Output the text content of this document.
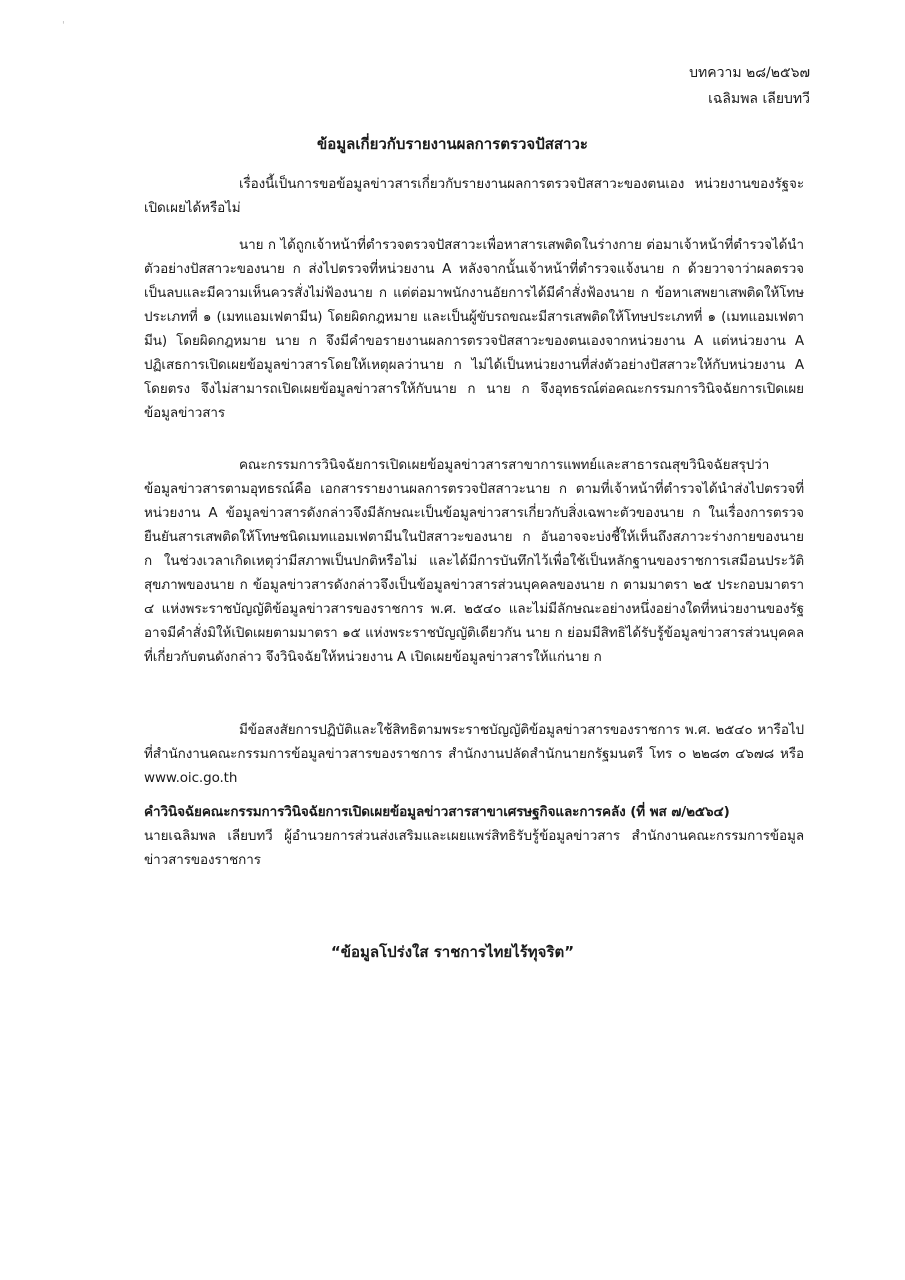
'
บทความ ๒๘/๒๕๖๗
เฉลิมพล เลียบทวี
ข้อมูลเกี่ยวกับรายงานผลการตรวจปัสสาวะ
เรื่องนี้เป็นการขอข้อมูลข่าวสารเกี่ยวกับรายงานผลการตรวจปัสสาวะของตนเอง หน่วยงานของรัฐจะเปิดเผยได้หรือไม่
นาย ก ได้ถูกเจ้าหน้าที่ตำรวจตรวจปัสสาวะเพื่อหาสารเสพติดในร่างกาย ต่อมาเจ้าหน้าที่ตำรวจได้นำตัวอย่างปัสสาวะของนาย ก ส่งไปตรวจที่หน่วยงาน A หลังจากนั้นเจ้าหน้าที่ตำรวจแจ้งนาย ก ด้วยวาจาว่าผลตรวจเป็นลบและมีความเห็นควรสั่งไม่ฟ้องนาย ก แต่ต่อมาพนักงานอัยการได้มีคำสั่งฟ้องนาย ก ข้อหาเสพยาเสพติดให้โทษประเภทที่ ๑ (เมทแอมเฟตามีน) โดยผิดกฎหมาย และเป็นผู้ขับรถขณะมีสารเสพติดให้โทษประเภทที่ ๑ (เมทแอมเฟตามีน) โดยผิดกฎหมาย นาย ก จึงมีคำขอรายงานผลการตรวจปัสสาวะของตนเองจากหน่วยงาน A แต่หน่วยงาน A ปฏิเสธการเปิดเผยข้อมูลข่าวสารโดยให้เหตุผลว่านาย ก ไม่ได้เป็นหน่วยงานที่ส่งตัวอย่างปัสสาวะให้กับหน่วยงาน A โดยตรง จึงไม่สามารถเปิดเผยข้อมูลข่าวสารให้กับนาย ก นาย ก จึงอุทธรณ์ต่อคณะกรรมการวินิจฉัยการเปิดเผยข้อมูลข่าวสาร
คณะกรรมการวินิจฉัยการเปิดเผยข้อมูลข่าวสารสาขาการแพทย์และสาธารณสุขวินิจฉัยสรุปว่า ข้อมูลข่าวสารตามอุทธรณ์คือ เอกสารรายงานผลการตรวจปัสสาวะนาย ก ตามที่เจ้าหน้าที่ตำรวจได้นำส่งไปตรวจที่หน่วยงาน A ข้อมูลข่าวสารดังกล่าวจึงมีลักษณะเป็นข้อมูลข่าวสารเกี่ยวกับสิ่งเฉพาะตัวของนาย ก ในเรื่องการตรวจยืนยันสารเสพติดให้โทษชนิดเมทแอมเฟตามีนในปัสสาวะของนาย ก อันอาจจะบ่งชี้ให้เห็นถึงสภาวะร่างกายของนาย ก ในช่วงเวลาเกิดเหตุว่ามีสภาพเป็นปกติหรือไม่ และได้มีการบันทึกไว้เพื่อใช้เป็นหลักฐานของราชการเสมือนประวัติสุขภาพของนาย ก ข้อมูลข่าวสารดังกล่าวจึงเป็นข้อมูลข่าวสารส่วนบุคคลของนาย ก ตามมาตรา ๒๕ ประกอบมาตรา ๔ แห่งพระราชบัญญัติข้อมูลข่าวสารของราชการ พ.ศ. ๒๕๔๐ และไม่มีลักษณะอย่างหนึ่งอย่างใดที่หน่วยงานของรัฐอาจมีคำสั่งมิให้เปิดเผยตามมาตรา ๑๕ แห่งพระราชบัญญัติเดียวกัน นาย ก ย่อมมีสิทธิได้รับรู้ข้อมูลข่าวสารส่วนบุคคลที่เกี่ยวกับตนดังกล่าว จึงวินิจฉัยให้หน่วยงาน A เปิดเผยข้อมูลข่าวสารให้แก่นาย ก
มีข้อสงสัยการปฏิบัติและใช้สิทธิตามพระราชบัญญัติข้อมูลข่าวสารของราชการ พ.ศ. ๒๕๔๐ หารือไปที่สำนักงานคณะกรรมการข้อมูลข่าวสารของราชการ สำนักงานปลัดสำนักนายกรัฐมนตรี โทร ๐ ๒๒๘๓ ๔๖๗๘ หรือ www.oic.go.th
คำวินิจฉัยคณะกรรมการวินิจฉัยการเปิดเผยข้อมูลข่าวสารสาขาเศรษฐกิจและการคลัง (ที่ พส ๗/๒๕๖๔)
นายเฉลิมพล เลียบทวี ผู้อำนวยการส่วนส่งเสริมและเผยแพร่สิทธิรับรู้ข้อมูลข่าวสาร สำนักงานคณะกรรมการข้อมูลข่าวสารของราชการ
“ข้อมูลโปร่งใส ราชการไทยไร้ทุจริต”
